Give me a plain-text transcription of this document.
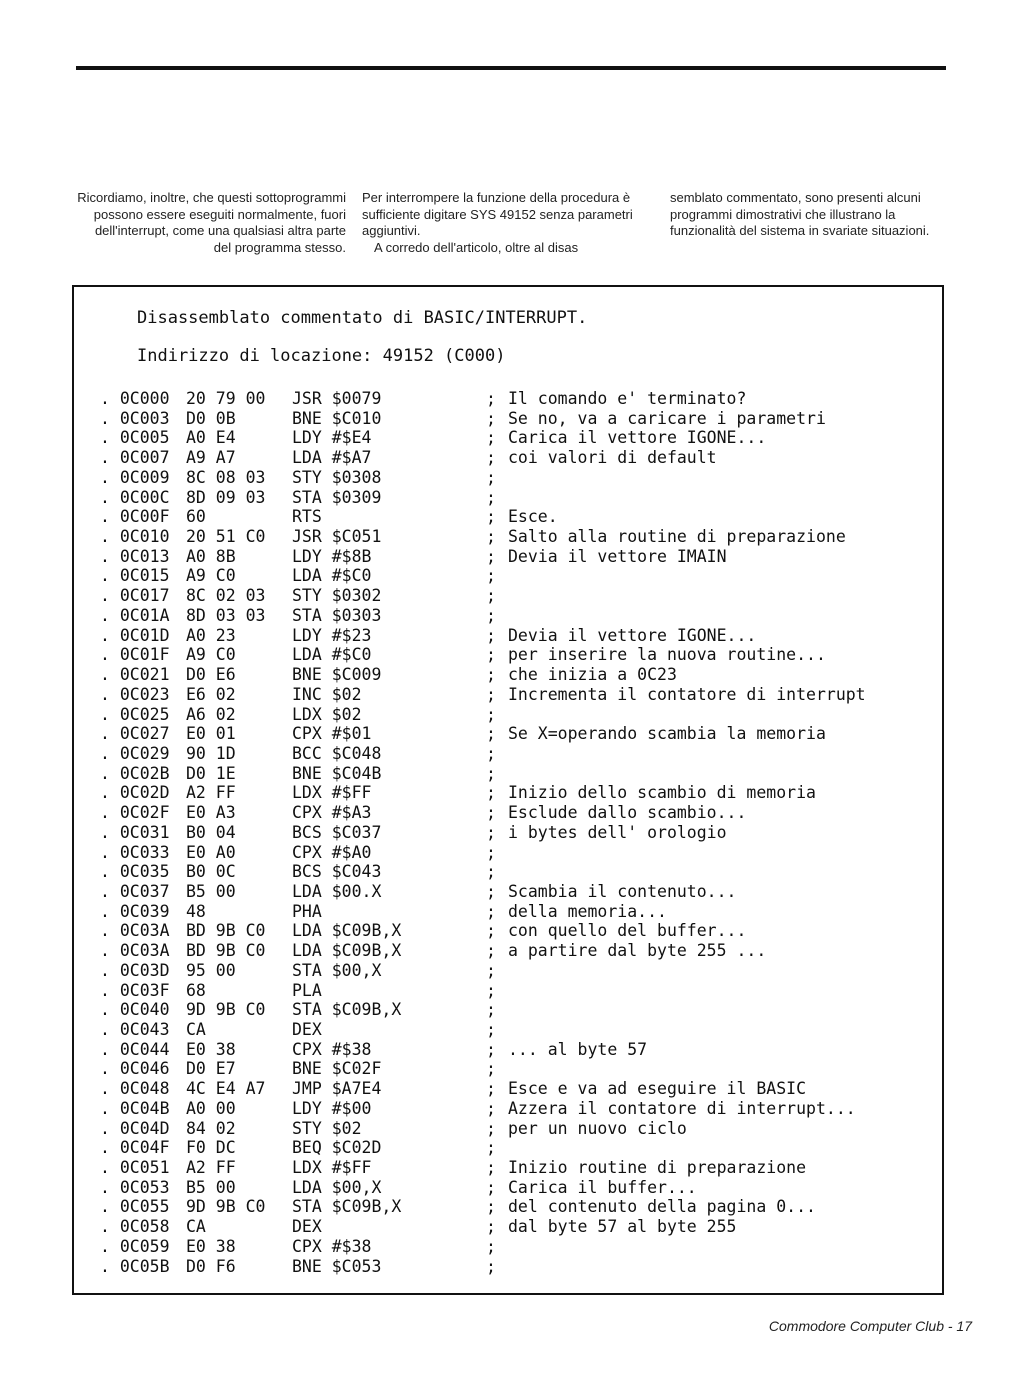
Ricordiamo, inoltre, che questi sottoprogrammi possono essere eseguiti normalmente, fuori dell'interrupt, come una qualsiasi altra parte del programma stesso.

Per interrompere la funzione della procedura è sufficiente digitare SYS 49152 senza parametri aggiuntivi.

A corredo dell'articolo, oltre al disas

semblato commentato, sono presenti alcuni programmi dimostrativi che illustrano la funzionalità del sistema in svariate situazioni.

Disassemblato commentato di BASIC/INTERRUPT.
Indirizzo di locazione: 49152 (C000)
. 0C000 20 79 00 JSR $0079	; Il comando e' terminato?
. 0C003 D0 0B	BNE $C010	; Se no, va a caricare i parametri
. 0C005 A0 E4	LDY #$E4	; Carica il vettore IGONE...
. 0C007 A9 A7	LDA #$A7	; coi valori di default
. 0C009 8C 08 03 STY $0308	;
. 0C00C 8D 09 03 STA $0309	;
. 0C00F 60	RTS	; Esce.
. 0C010 20 51 C0 JSR $C051	; Salto alla routine di preparazione
. 0C013 A0 8B	LDY #$8B	; Devia il vettore IMAIN
. 0C015 A9 C0	LDA #$C0	;
. 0C017 8C 02 03 STY $0302	;
. 0C01A 8D 03 03 STA $0303	;
. 0C01D A0 23	LDY #$23	; Devia il vettore IGONE...
. 0C01F A9 C0	LDA #$C0	; per inserire la nuova routine...
. 0C021 D0 E6	BNE $C009	; che inizia a 0C23
. 0C023 E6 02	INC $02	; Incrementa il contatore di interrupt
. 0C025 A6 02	LDX $02	;
. 0C027 E0 01	CPX #$01	; Se X=operando scambia la memoria
. 0C029 90 1D	BCC $C048	;
. 0C02B D0 1E	BNE $C04B	;
. 0C02D A2 FF	LDX #$FF	; Inizio dello scambio di memoria
. 0C02F E0 A3	CPX #$A3	; Esclude dallo scambio...
. 0C031 B0 04	BCS $C037	; i bytes dell' orologio
. 0C033 E0 A0	CPX #$A0	;
. 0C035 B0 0C	BCS $C043	;
. 0C037 B5 00	LDA $00.X	; Scambia il contenuto...
. 0C039 48	PHA	; della memoria...
. 0C03A BD 9B C0 LDA $C09B,X	; con quello del buffer...
. 0C03A BD 9B C0 LDA $C09B,X	; a partire dal byte 255 ...
. 0C03D 95 00	STA $00,X	;
. 0C03F 68	PLA	;
. 0C040 9D 9B C0 STA $C09B,X	;
. 0C043 CA	DEX	;
. 0C044 E0 38	CPX #$38	; ... al byte 57
. 0C046 D0 E7	BNE $C02F	;
. 0C048 4C E4 A7 JMP $A7E4	; Esce e va ad eseguire il BASIC
. 0C04B A0 00	LDY #$00	; Azzera il contatore di interrupt...
. 0C04D 84 02	STY $02	; per un nuovo ciclo
. 0C04F F0 DC	BEQ $C02D	;
. 0C051 A2 FF	LDX #$FF	; Inizio routine di preparazione
. 0C053 B5 00	LDA $00,X	; Carica il buffer...
. 0C055 9D 9B C0 STA $C09B,X	; del contenuto della pagina 0...
. 0C058 CA	DEX	; dal byte 57 al byte 255
. 0C059 E0 38	CPX #$38	;
. 0C05B D0 F6	BNE $C053	;
Commodore Computer Club - 17
